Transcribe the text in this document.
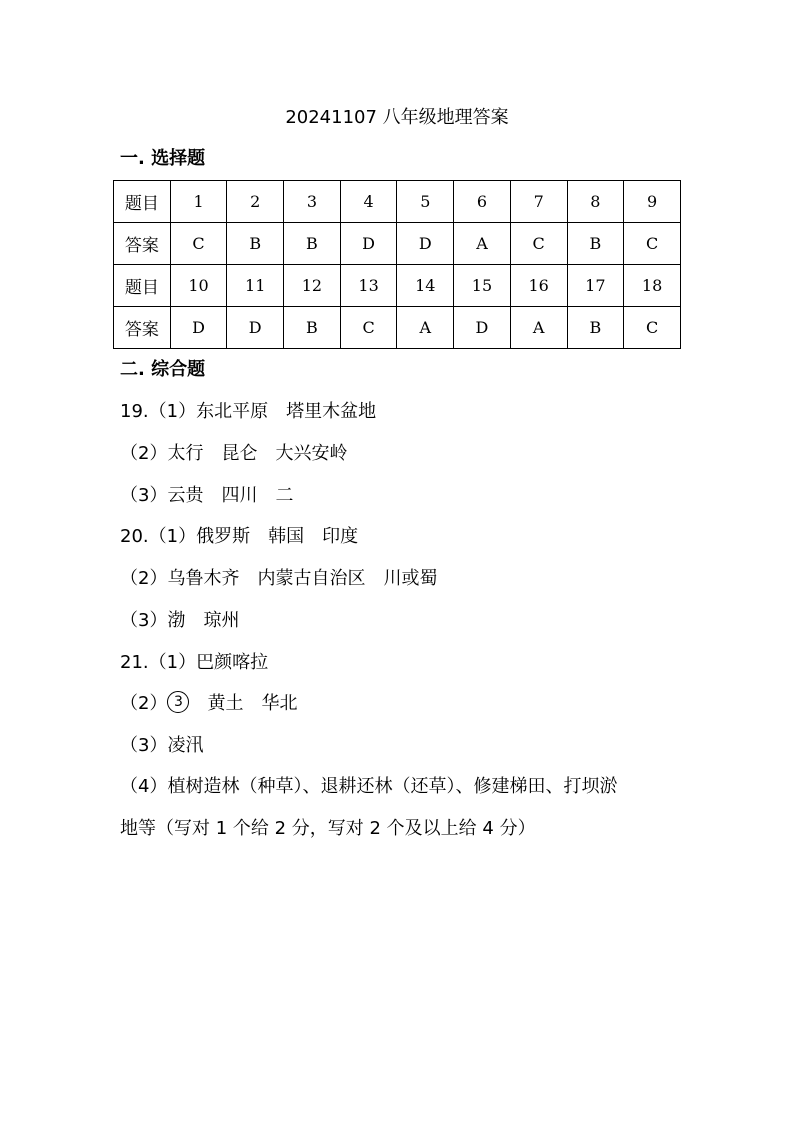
20241107 八年级地理答案
一. 选择题
题目	1	2	3	4	5	6	7	8	9
答案	C	B	B	D	D	A	C	B	C
题目	10	11	12	13	14	15	16	17	18
答案	D	D	B	C	A	D	A	B	C
二. 综合题
19.（1）东北平原 塔里木盆地
（2）太行 昆仑 大兴安岭
（3）云贵 四川 二
20.（1）俄罗斯 韩国 印度
（2）乌鲁木齐 内蒙古自治区 川或蜀
（3）渤 琼州
21.（1）巴颜喀拉
（2） 3 黄土 华北
（3）凌汛
（4）植树造林（种草）、退耕还林（还草）、修建梯田、打坝淤
地等（写对 1 个给 2 分，写对 2 个及以上给 4 分）
